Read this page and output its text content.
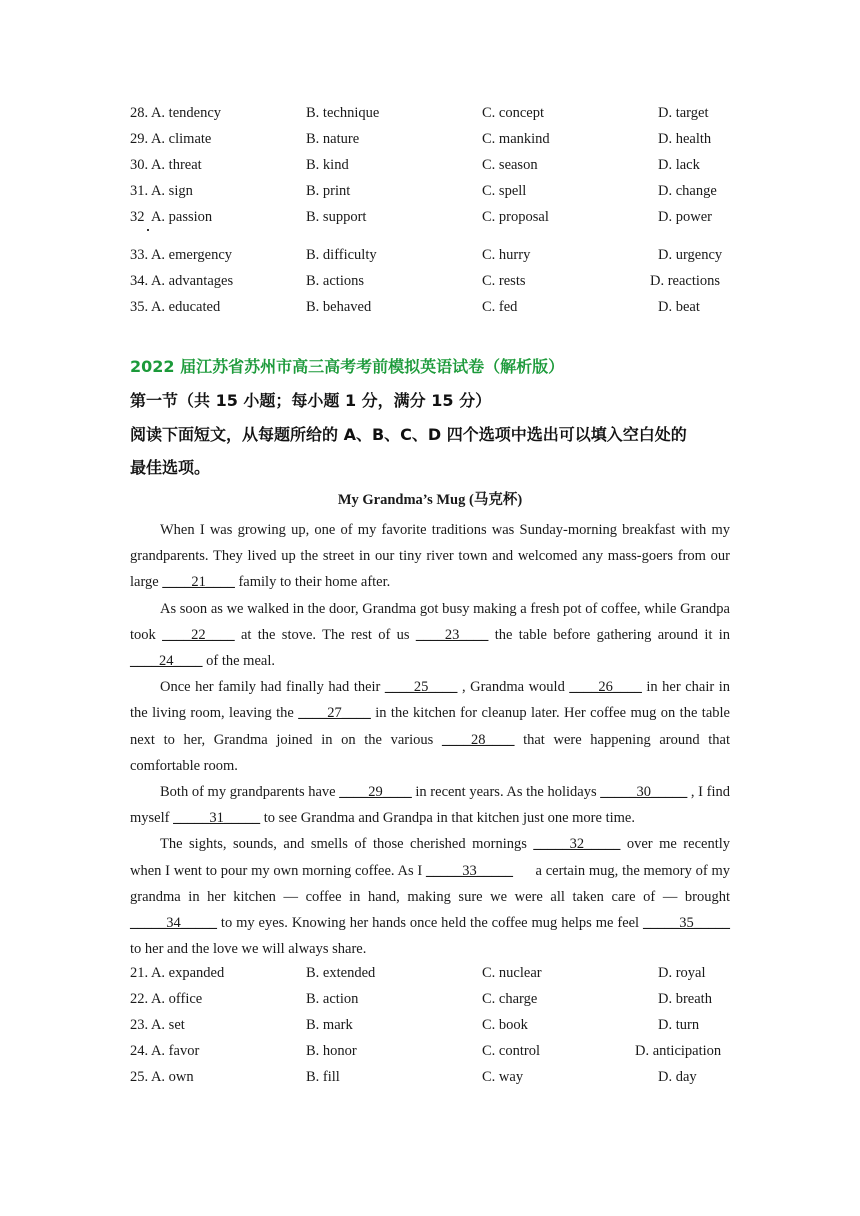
28. A. tendency	B. technique	C. concept	D. target
29. A. climate	B. nature	C. mankind	D. health
30. A. threat	B. kind	C. season	D. lack
31. A. sign	B. print	C. spell	D. change
32 A. passion	B. support	C. proposal	D. power
33. A. emergency	B. difficulty	C. hurry	D. urgency
34. A. advantages	B. actions	C. rests	D. reactions
35. A. educated	B. behaved	C. fed	D. beat
2022 届江苏省苏州市高三高考考前模拟英语试卷（解析版）
第一节（共 15 小题；每小题 1 分，满分 15 分）
阅读下面短文，从每题所给的 A、B、C、D 四个选项中选出可以填入空白处的
最佳选项。
My Grandma’s Mug (马克杯)

When I was growing up, one of my favorite traditions was Sunday-morning breakfast with my grandparents. They lived up the street in our tiny river town and welcomed any mass-goers from our large ____21____ family to their home after.

As soon as we walked in the door, Grandma got busy making a fresh pot of coffee, while Grandpa took ____22____ at the stove. The rest of us ____23____ the table before gathering around it in ____24____ of the meal.

Once her family had finally had their ____25____ , Grandma would ____26____ in her chair in the living room, leaving the ____27____ in the kitchen for cleanup later. Her coffee mug on the table next to her, Grandma joined in on the various ____28____ that were happening around that comfortable room.

Both of my grandparents have ____29____ in recent years. As the holidays _____30_____ , I find myself _____31_____ to see Grandma and Grandpa in that kitchen just one more time.

The sights, sounds, and smells of those cherished mornings _____32_____ over me recently when I went to pour my own morning coffee. As I _____33_____      a certain mug, the memory of my grandma in her kitchen — coffee in hand, making sure we were all taken care of — brought _____34_____ to my eyes. Knowing her hands once held the coffee mug helps me feel _____35_____ to her and the love we will always share.

21. A. expanded	B. extended	C. nuclear	D. royal
22. A. office	B. action	C. charge	D. breath
23. A. set	B. mark	C. book	D. turn
24. A. favor	B. honor	C. control	D. anticipation
25. A. own	B. fill	C. way	D. day
